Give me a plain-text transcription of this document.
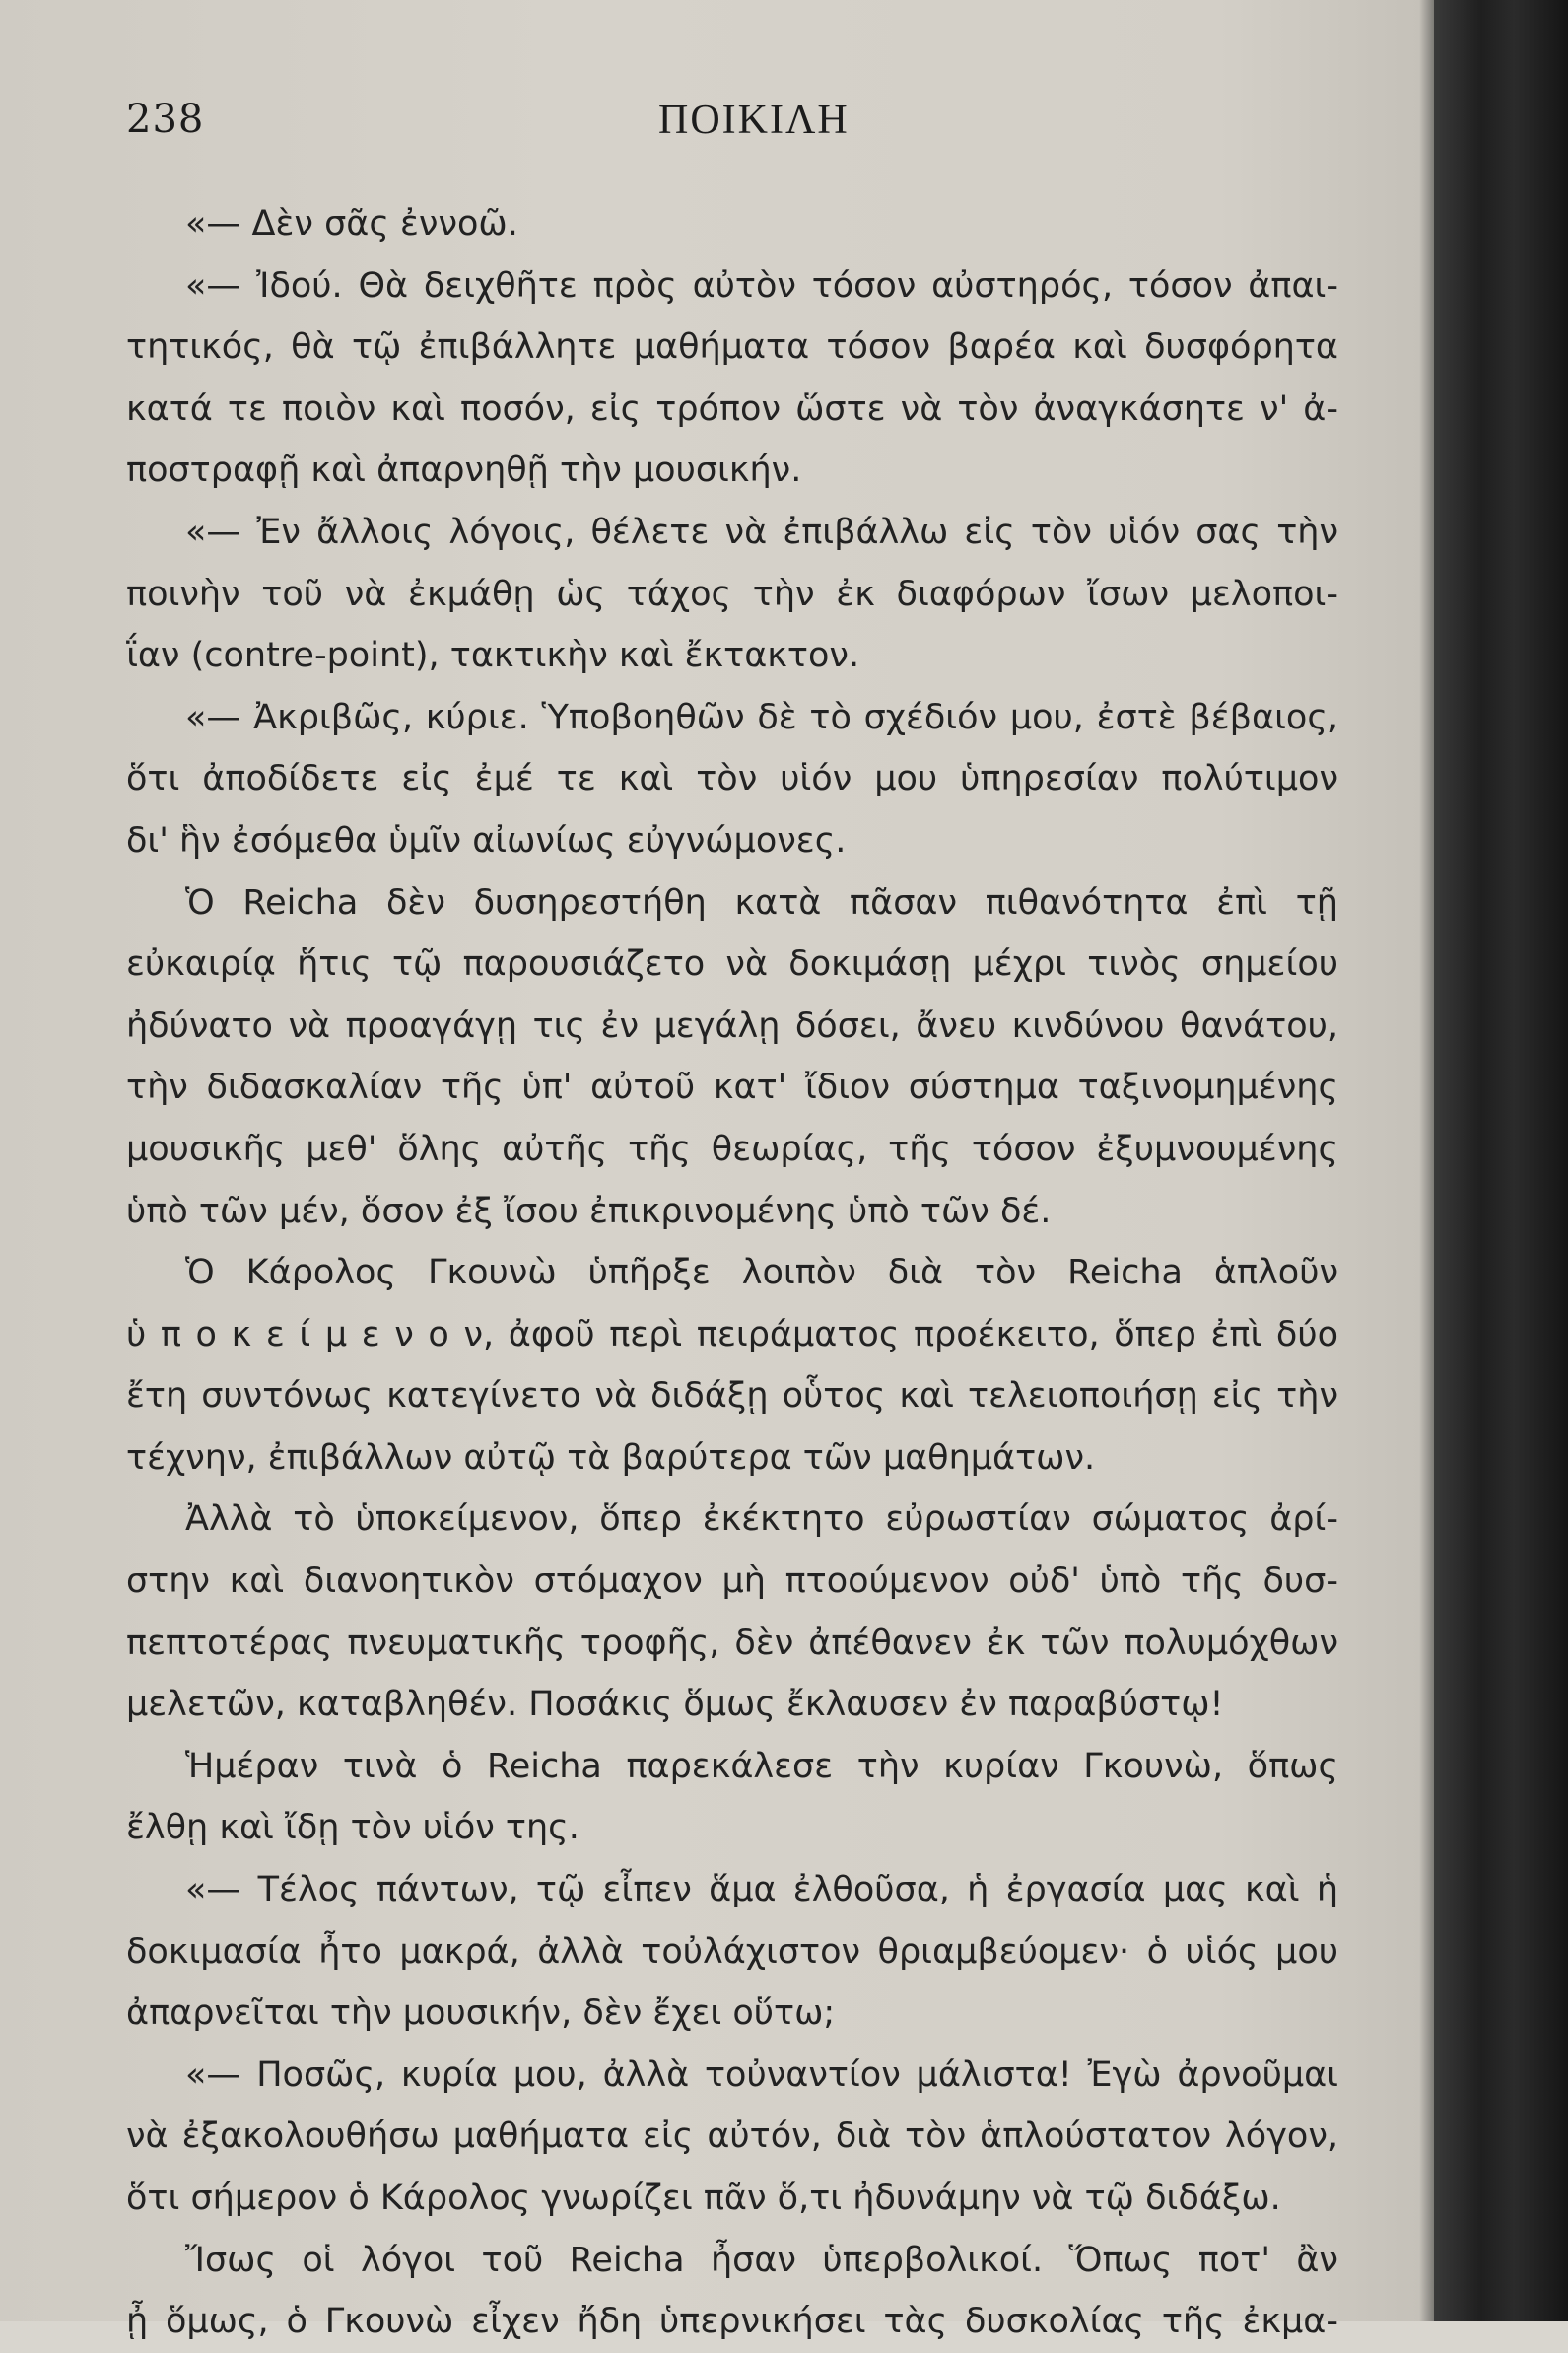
238	ΠΟΙΚΙΛΗ
«— Δὲν σᾶς ἐννοῶ.
«— Ἰδού. Θὰ δειχθῆτε πρὸς αὐτὸν τόσον αὐστηρός, τόσον ἀπαι-
τητικός, θὰ τῷ ἐπιβάλλητε μαθήματα τόσον βαρέα καὶ δυσφόρητα
κατά τε ποιὸν καὶ ποσόν, εἰς τρόπον ὥστε νὰ τὸν ἀναγκάσητε ν' ἀ-
ποστραφῇ καὶ ἀπαρνηθῇ τὴν μουσικήν.
«— Ἐν ἄλλοις λόγοις, θέλετε νὰ ἐπιβάλλω εἰς τὸν υἱόν σας τὴν
ποινὴν τοῦ νὰ ἐκμάθῃ ὡς τάχος τὴν ἐκ διαφόρων ἴσων μελοποι-
ΐαν (contre-point), τακτικὴν καὶ ἔκτακτον.
«— Ἀκριβῶς, κύριε. Ὑποβοηθῶν δὲ τὸ σχέδιόν μου, ἐστὲ βέβαιος,
ὅτι ἀποδίδετε εἰς ἐμέ τε καὶ τὸν υἱόν μου ὑπηρεσίαν πολύτιμον
δι' ἣν ἐσόμεθα ὑμῖν αἰωνίως εὐγνώμονες.
Ὁ Reicha δὲν δυσηρεστήθη κατὰ πᾶσαν πιθανότητα ἐπὶ τῇ
εὐκαιρίᾳ ἥτις τῷ παρουσιάζετο νὰ δοκιμάσῃ μέχρι τινὸς σημείου
ἠδύνατο νὰ προαγάγῃ τις ἐν μεγάλῃ δόσει, ἄνευ κινδύνου θανάτου,
τὴν διδασκαλίαν τῆς ὑπ' αὐτοῦ κατ' ἴδιον σύστημα ταξινομημένης
μουσικῆς μεθ' ὅλης αὐτῆς τῆς θεωρίας, τῆς τόσον ἐξυμνουμένης
ὑπὸ τῶν μέν, ὅσον ἐξ ἴσου ἐπικρινομένης ὑπὸ τῶν δέ.
Ὁ Κάρολος Γκουνὼ ὑπῆρξε λοιπὸν διὰ τὸν Reicha ἁπλοῦν
ὑ π ο κ ε ί μ ε ν ο ν, ἀφοῦ περὶ πειράματος προέκειτο, ὅπερ ἐπὶ δύο
ἔτη συντόνως κατεγίνετο νὰ διδάξῃ οὗτος καὶ τελειοποιήσῃ εἰς τὴν
τέχνην, ἐπιβάλλων αὐτῷ τὰ βαρύτερα τῶν μαθημάτων.
Ἀλλὰ τὸ ὑποκείμενον, ὅπερ ἐκέκτητο εὐρωστίαν σώματος ἀρί-
στην καὶ διανοητικὸν στόμαχον μὴ πτοούμενον οὐδ' ὑπὸ τῆς δυσ-
πεπτοτέρας πνευματικῆς τροφῆς, δὲν ἀπέθανεν ἐκ τῶν πολυμόχθων
μελετῶν, καταβληθέν. Ποσάκις ὅμως ἔκλαυσεν ἐν παραβύστῳ!
Ἡμέραν τινὰ ὁ Reicha παρεκάλεσε τὴν κυρίαν Γκουνὼ, ὅπως
ἔλθῃ καὶ ἴδῃ τὸν υἱόν της.
«— Τέλος πάντων, τῷ εἶπεν ἅμα ἐλθοῦσα, ἡ ἐργασία μας καὶ ἡ
δοκιμασία ἦτο μακρά, ἀλλὰ τοὐλάχιστον θριαμβεύομεν· ὁ υἱός μου
ἀπαρνεῖται τὴν μουσικήν, δὲν ἔχει οὕτω;
«— Ποσῶς, κυρία μου, ἀλλὰ τοὐναντίον μάλιστα! Ἐγὼ ἀρνοῦμαι
νὰ ἐξακολουθήσω μαθήματα εἰς αὐτόν, διὰ τὸν ἁπλούστατον λόγον,
ὅτι σήμερον ὁ Κάρολος γνωρίζει πᾶν ὅ,τι ἠδυνάμην νὰ τῷ διδάξω.
Ἴσως οἱ λόγοι τοῦ Reicha ἦσαν ὑπερβολικοί. Ὅπως ποτ' ἂν
ᾖ ὅμως, ὁ Γκουνὼ εἶχεν ἤδη ὑπερνικήσει τὰς δυσκολίας τῆς ἐκμα-
